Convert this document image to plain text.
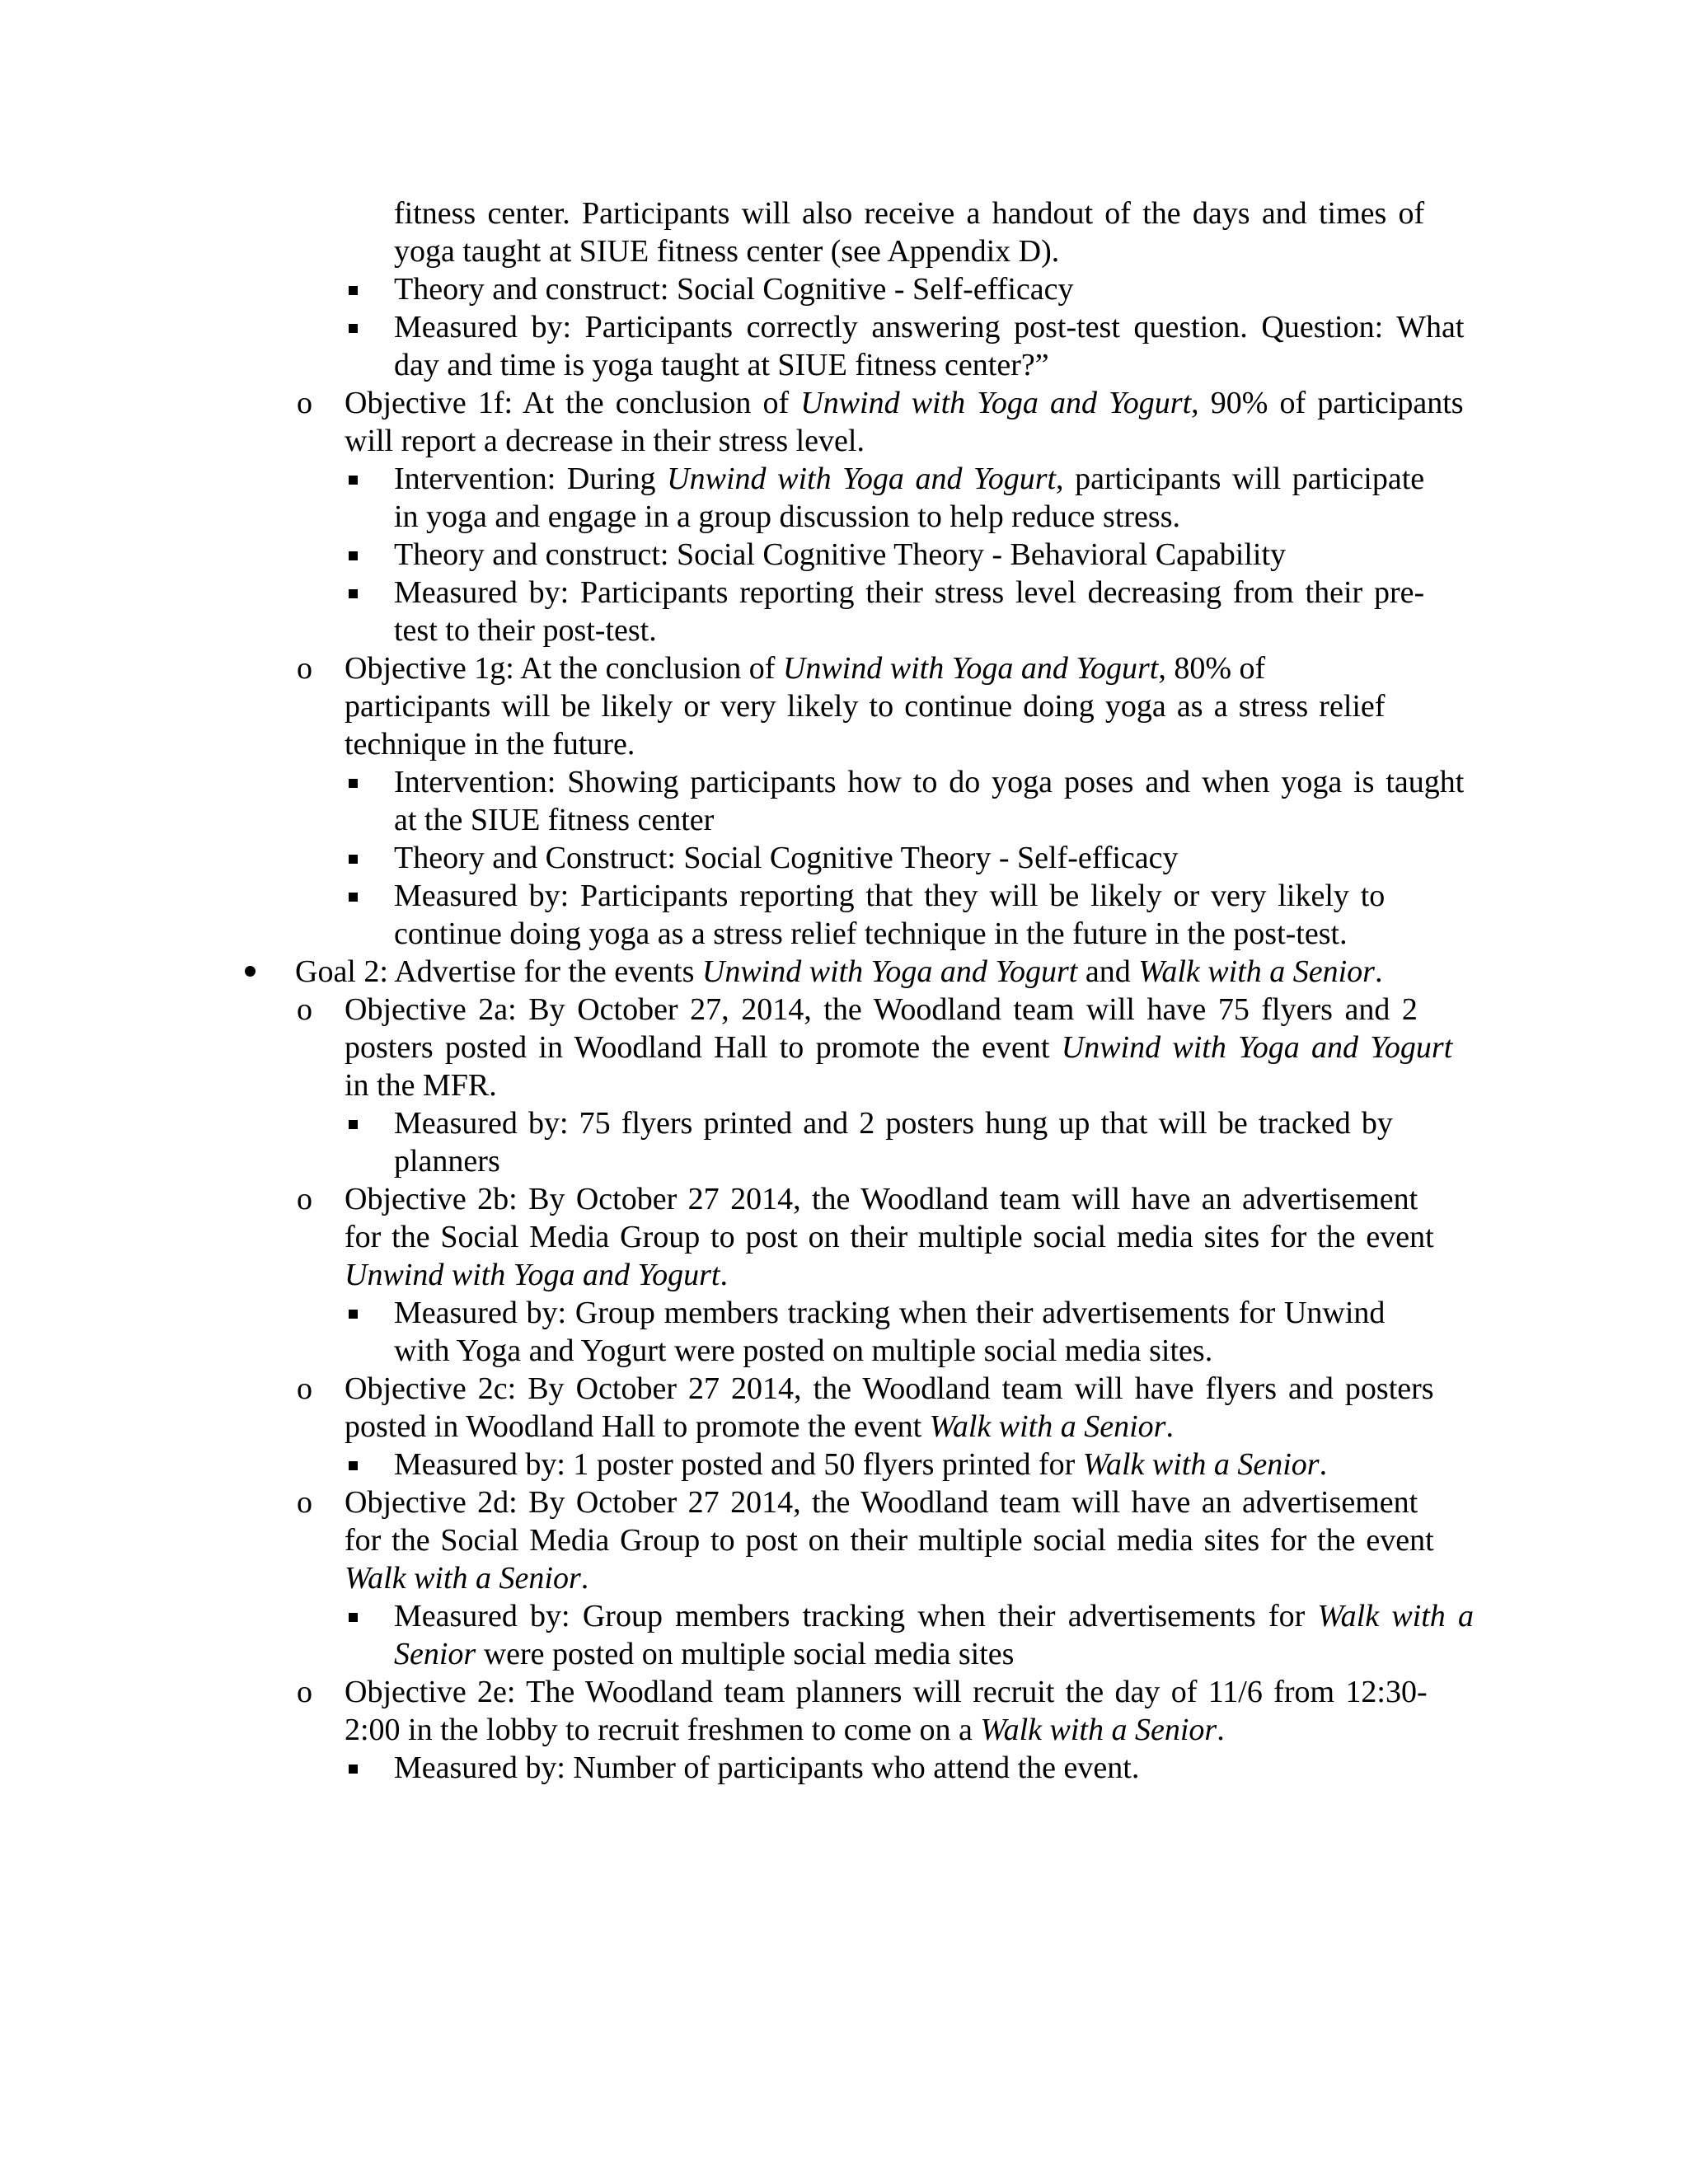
fitness center. Participants will also receive a handout of the days and times of
yoga taught at SIUE fitness center (see Appendix D).
Theory and construct: Social Cognitive - Self-efficacy
Measured by: Participants correctly answering post-test question. Question: What
day and time is yoga taught at SIUE fitness center?”
Objective 1f: At the conclusion of Unwind with Yoga and Yogurt, 90% of participants
will report a decrease in their stress level.
Intervention: During Unwind with Yoga and Yogurt, participants will participate
in yoga and engage in a group discussion to help reduce stress.
Theory and construct: Social Cognitive Theory - Behavioral Capability
Measured by: Participants reporting their stress level decreasing from their pre-
test to their post-test.
Objective 1g: At the conclusion of Unwind with Yoga and Yogurt, 80% of
participants will be likely or very likely to continue doing yoga as a stress relief
technique in the future.
Intervention: Showing participants how to do yoga poses and when yoga is taught
at the SIUE fitness center
Theory and Construct: Social Cognitive Theory - Self-efficacy
Measured by: Participants reporting that they will be likely or very likely to
continue doing yoga as a stress relief technique in the future in the post-test.
Goal 2: Advertise for the events Unwind with Yoga and Yogurt and Walk with a Senior.
Objective 2a: By October 27, 2014, the Woodland team will have 75 flyers and 2
posters posted in Woodland Hall to promote the event Unwind with Yoga and Yogurt
in the MFR.
Measured by: 75 flyers printed and 2 posters hung up that will be tracked by
planners
Objective 2b: By October 27 2014, the Woodland team will have an advertisement
for the Social Media Group to post on their multiple social media sites for the event
Unwind with Yoga and Yogurt.
Measured by: Group members tracking when their advertisements for Unwind
with Yoga and Yogurt were posted on multiple social media sites.
Objective 2c: By October 27 2014, the Woodland team will have flyers and posters
posted in Woodland Hall to promote the event Walk with a Senior.
Measured by: 1 poster posted and 50 flyers printed for Walk with a Senior.
Objective 2d: By October 27 2014, the Woodland team will have an advertisement
for the Social Media Group to post on their multiple social media sites for the event
Walk with a Senior.
Measured by: Group members tracking when their advertisements for Walk with a
Senior were posted on multiple social media sites
Objective 2e: The Woodland team planners will recruit the day of 11/6 from 12:30-
2:00 in the lobby to recruit freshmen to come on a Walk with a Senior.
Measured by: Number of participants who attend the event.
o
o
o
o
o
o
o
